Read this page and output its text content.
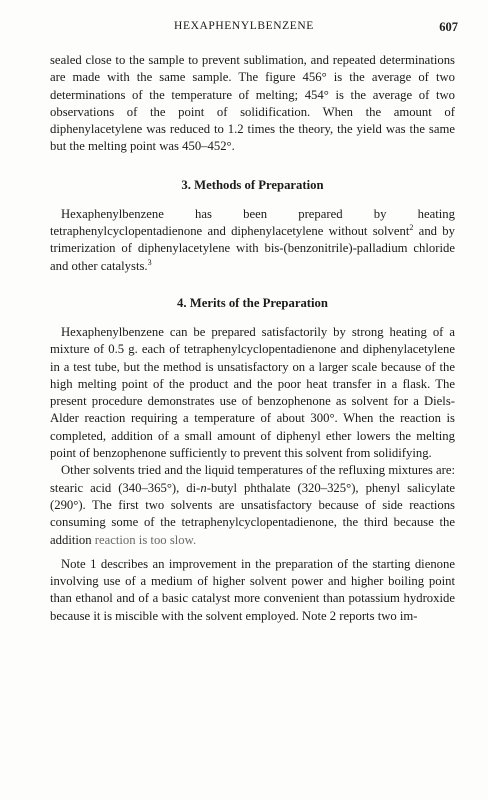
HEXAPHENYLBENZENE	607

sealed close to the sample to prevent sublimation, and repeated determinations are made with the same sample. The figure 456° is the average of two determinations of the temperature of melting; 454° is the average of two observations of the point of solidification. When the amount of diphenylacetylene was reduced to 1.2 times the theory, the yield was the same but the melting point was 450–452°.

3. Methods of Preparation

Hexaphenylbenzene has been prepared by heating tetraphenylcyclopentadienone and diphenylacetylene without solvent$^2$ and by trimerization of diphenylacetylene with bis-(benzonitrile)-palladium chloride and other catalysts.$^3$

4. Merits of the Preparation

Hexaphenylbenzene can be prepared satisfactorily by strong heating of a mixture of 0.5 g. each of tetraphenylcyclopentadienone and diphenylacetylene in a test tube, but the method is unsatisfactory on a larger scale because of the high melting point of the product and the poor heat transfer in a flask. The present procedure demonstrates use of benzophenone as solvent for a Diels-Alder reaction requiring a temperature of about 300°. When the reaction is completed, addition of a small amount of diphenyl ether lowers the melting point of benzophenone sufficiently to prevent this solvent from solidifying.

Other solvents tried and the liquid temperatures of the refluxing mixtures are: stearic acid (340–365°), di-n-butyl phthalate (320–325°), phenyl salicylate (290°). The first two solvents are unsatisfactory because of side reactions consuming some of the tetraphenylcyclopentadienone, the third because the addition reaction is too slow.

Note 1 describes an improvement in the preparation of the starting dienone involving use of a medium of higher solvent power and higher boiling point than ethanol and of a basic catalyst more convenient than potassium hydroxide because it is miscible with the solvent employed. Note 2 reports two im-
